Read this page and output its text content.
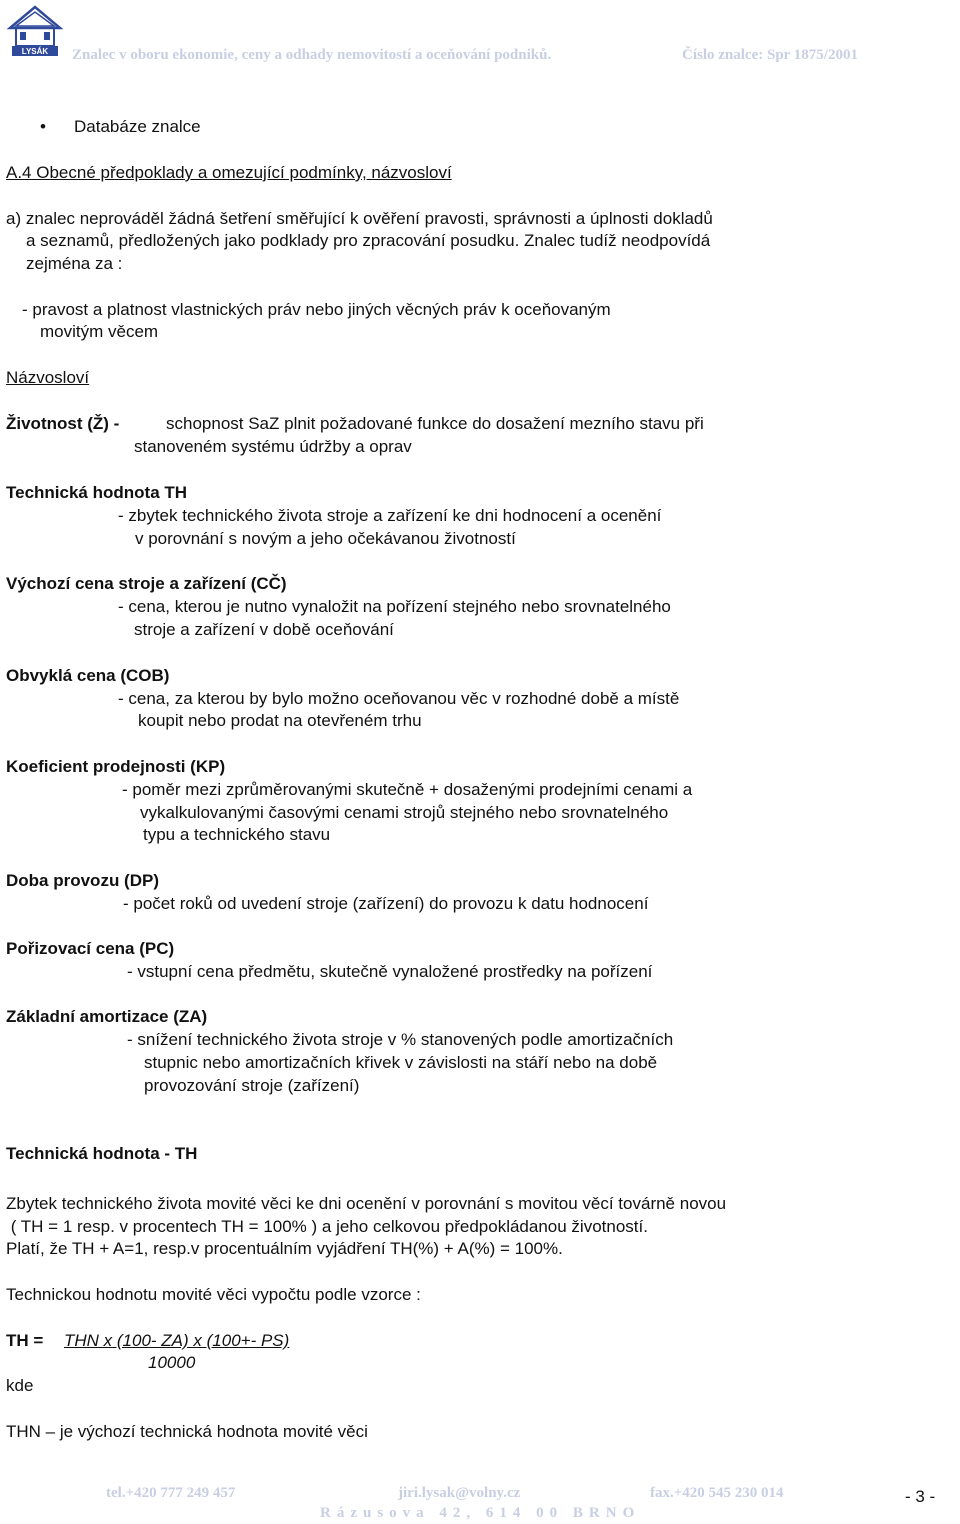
LYSÁK Znalec v oboru ekonomie, ceny a odhady nemovitostí a oceňování podniků.	Číslo znalce: Spr 1875/2001
• Databáze znalce
A.4 Obecné předpoklady a omezující podmínky, názvosloví
a) znalec neprováděl žádná šetření směřující k ověření pravosti, správnosti a úplnosti dokladů
a seznamů, předložených jako podklady pro zpracování posudku. Znalec tudíž neodpovídá
zejména za :
- pravost a platnost vlastnických práv nebo jiných věcných práv k oceňovaným
movitým věcem
Názvosloví
Životnost (Ž) -	schopnost SaZ plnit požadované funkce do dosažení mezního stavu při
stanoveném systému údržby a oprav
Technická hodnota TH
- zbytek technického života stroje a zařízení ke dni hodnocení a ocenění
v porovnání s novým a jeho očekávanou životností
Výchozí cena stroje a zařízení (CČ)
- cena, kterou je nutno vynaložit na pořízení stejného nebo srovnatelného
stroje a zařízení v době oceňování
Obvyklá cena (COB)
- cena, za kterou by bylo možno oceňovanou věc v rozhodné době a místě
koupit nebo prodat na otevřeném trhu
Koeficient prodejnosti (KP)
- poměr mezi zprůměrovanými skutečně + dosaženými prodejními cenami a
vykalkulovanými časovými cenami strojů stejného nebo srovnatelného
typu a technického stavu
Doba provozu (DP)
- počet roků od uvedení stroje (zařízení) do provozu k datu hodnocení
Pořizovací cena (PC)
- vstupní cena předmětu, skutečně vynaložené prostředky na pořízení
Základní amortizace (ZA)
- snížení technického života stroje v % stanovených podle amortizačních
stupnic nebo amortizačních křivek v závislosti na stáří nebo na době
provozování stroje (zařízení)
Technická hodnota - TH
Zbytek technického života movité věci ke dni ocenění v porovnání s movitou věcí továrně novou
( TH = 1 resp. v procentech TH = 100% ) a jeho celkovou předpokládanou životností.
Platí, že TH + A=1, resp.v procentuálním vyjádření TH(%) + A(%) = 100%.
Technickou hodnotu movité věci vypočtu podle vzorce :
TH = THN x (100- ZA) x (100+- PS)
10000
kde
THN – je výchozí technická hodnota movité věci
tel.+420 777 249 457	jiri.lysak@volny.cz	fax.+420 545 230 014
Rázusova 42, 614 00 BRNO
- 3 -
